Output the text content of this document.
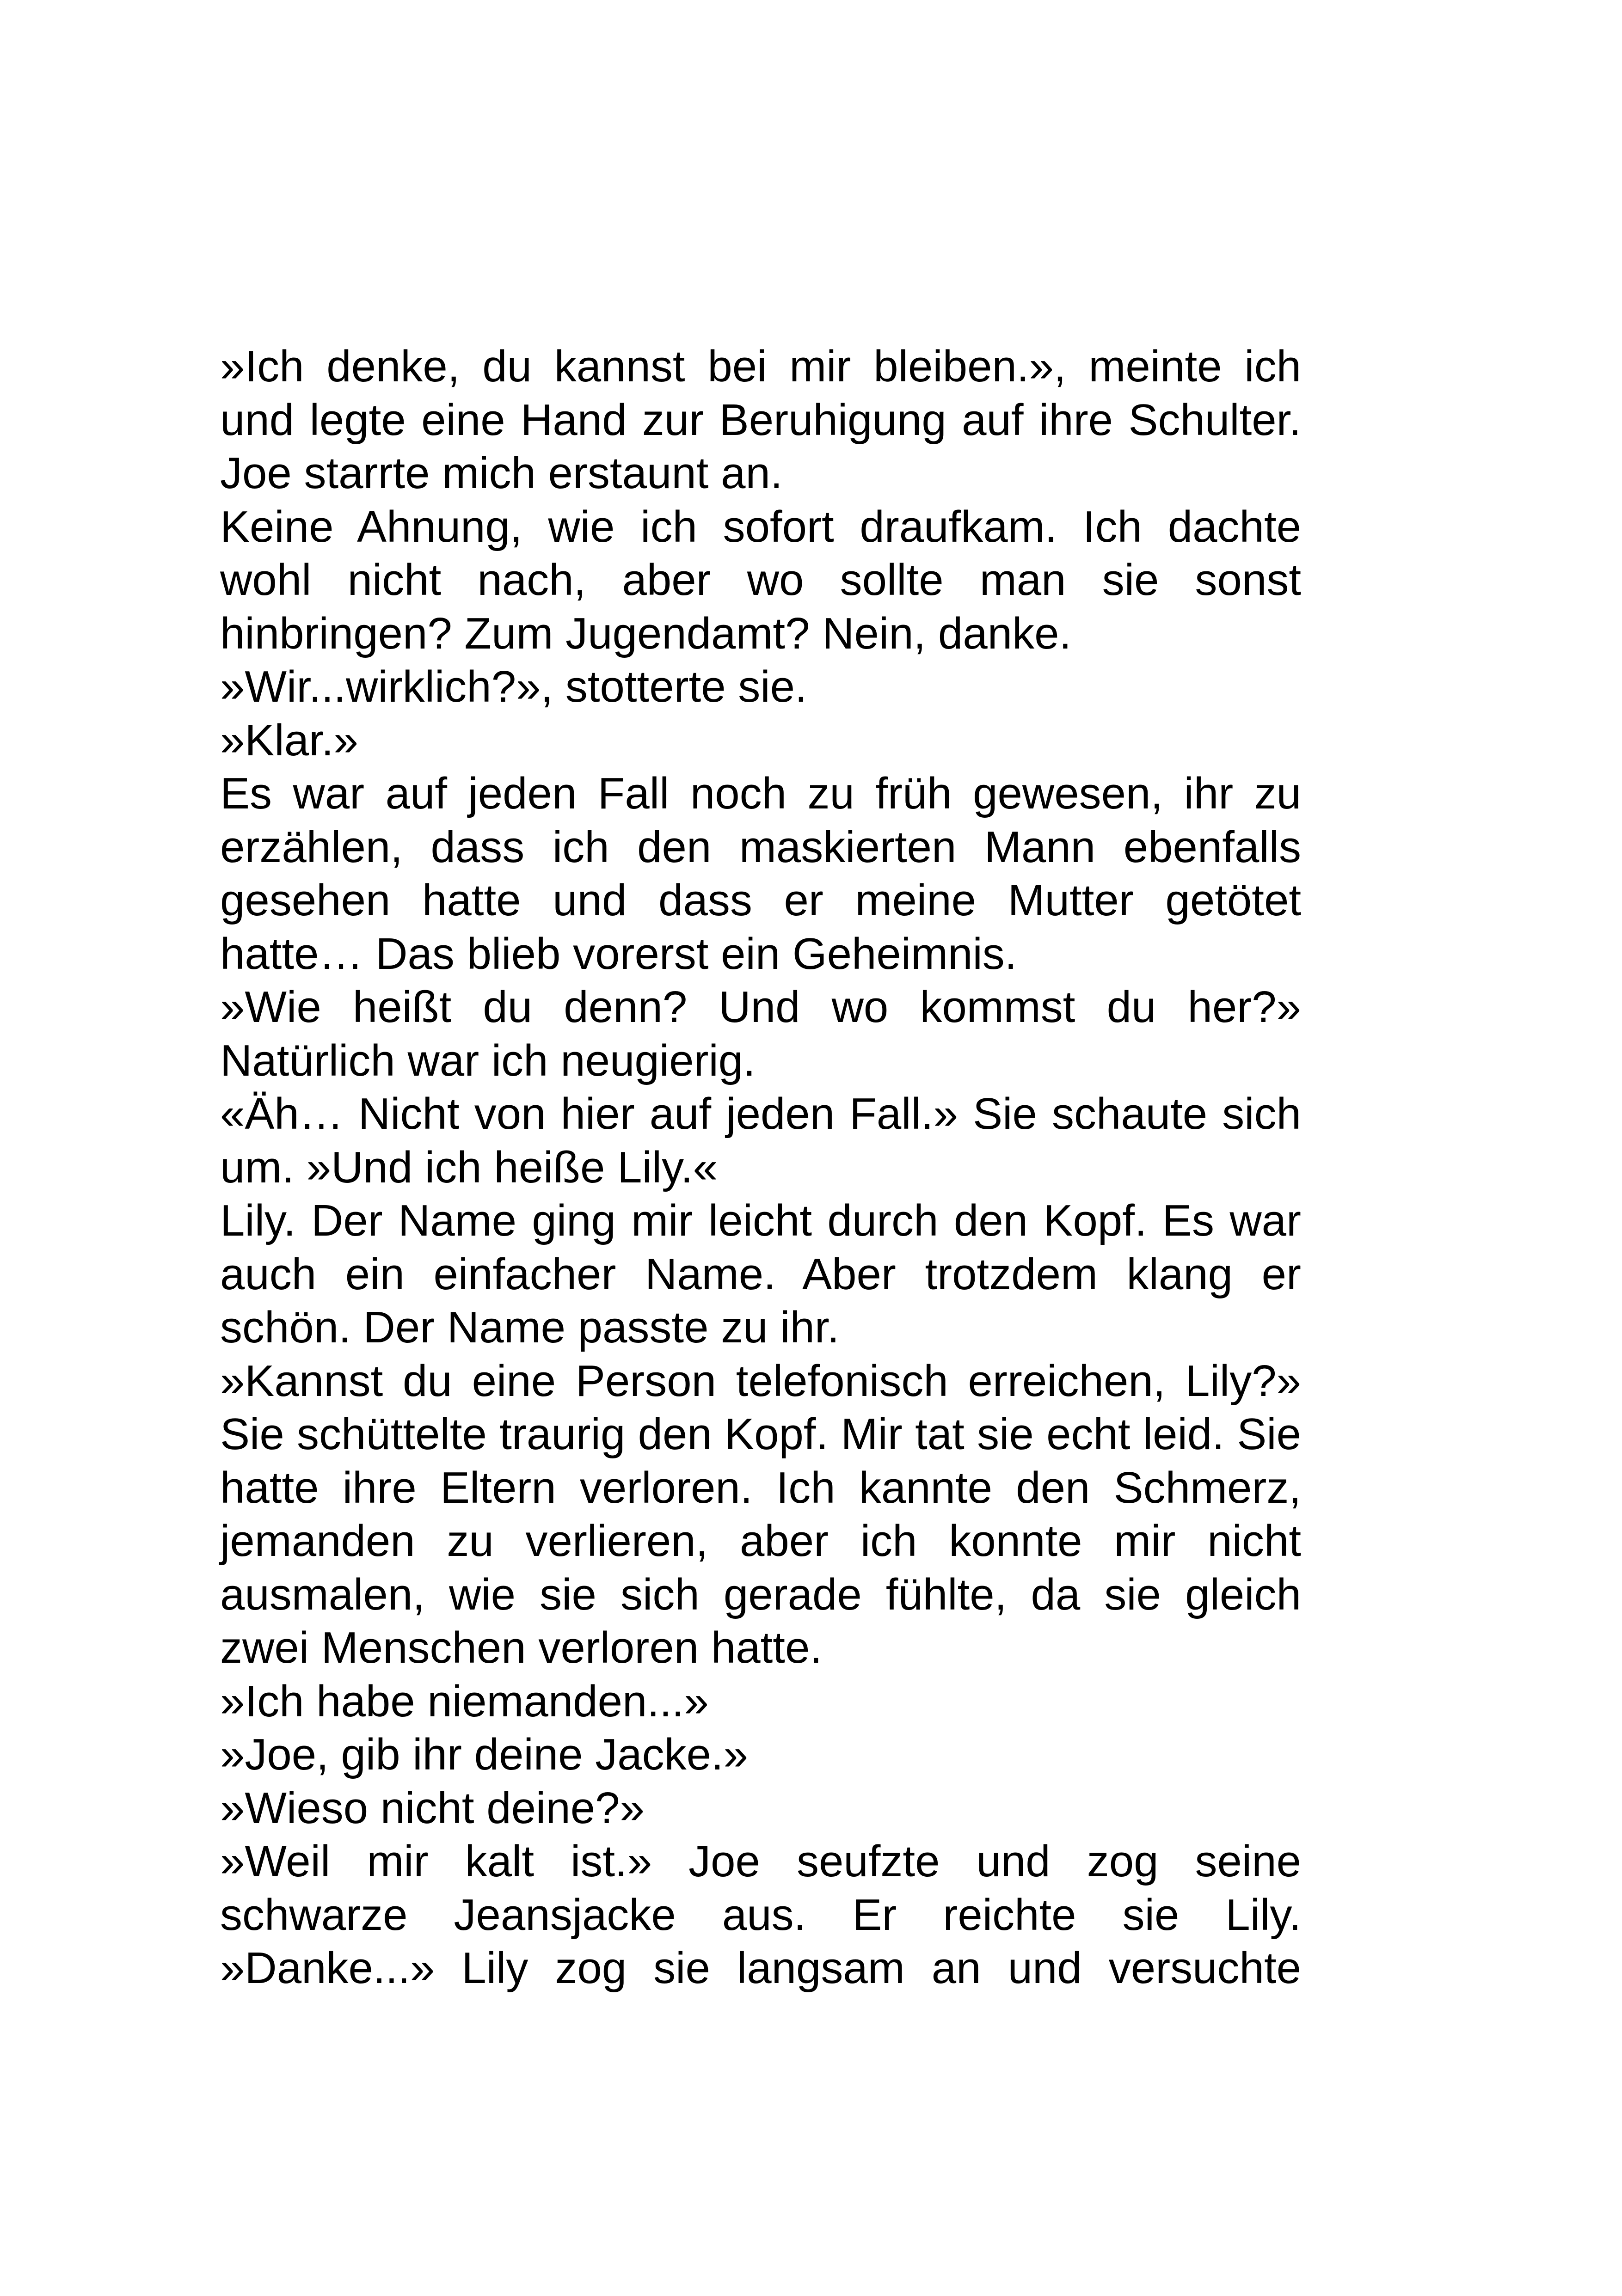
»Ich denke, du kannst bei mir bleiben.», meinte ich und legte eine Hand zur Beruhigung auf ihre Schulter. Joe starrte mich erstaunt an.

Keine Ahnung, wie ich sofort draufkam. Ich dachte wohl nicht nach, aber wo sollte man sie sonst hinbringen? Zum Jugendamt? Nein, danke.

»Wir...wirklich?», stotterte sie.

»Klar.»

Es war auf jeden Fall noch zu früh gewesen, ihr zu erzählen, dass ich den maskierten Mann ebenfalls gesehen hatte und dass er meine Mutter getötet hatte… Das blieb vorerst ein Geheimnis.

»Wie heißt du denn? Und wo kommst du her?» Natürlich war ich neugierig.

«Äh… Nicht von hier auf jeden Fall.» Sie schaute sich um. »Und ich heiße Lily.«

Lily. Der Name ging mir leicht durch den Kopf. Es war auch ein einfacher Name. Aber trotzdem klang er schön. Der Name passte zu ihr.

»Kannst du eine Person telefonisch erreichen, Lily?» Sie schüttelte traurig den Kopf. Mir tat sie echt leid. Sie hatte ihre Eltern verloren. Ich kannte den Schmerz, jemanden zu verlieren, aber ich konnte mir nicht ausmalen, wie sie sich gerade fühlte, da sie gleich zwei Menschen verloren hatte.

»Ich habe niemanden...»

»Joe, gib ihr deine Jacke.»

»Wieso nicht deine?»

»Weil mir kalt ist.» Joe seufzte und zog seine schwarze Jeansjacke aus. Er reichte sie Lily. »Danke...» Lily zog sie langsam an und versuchte
